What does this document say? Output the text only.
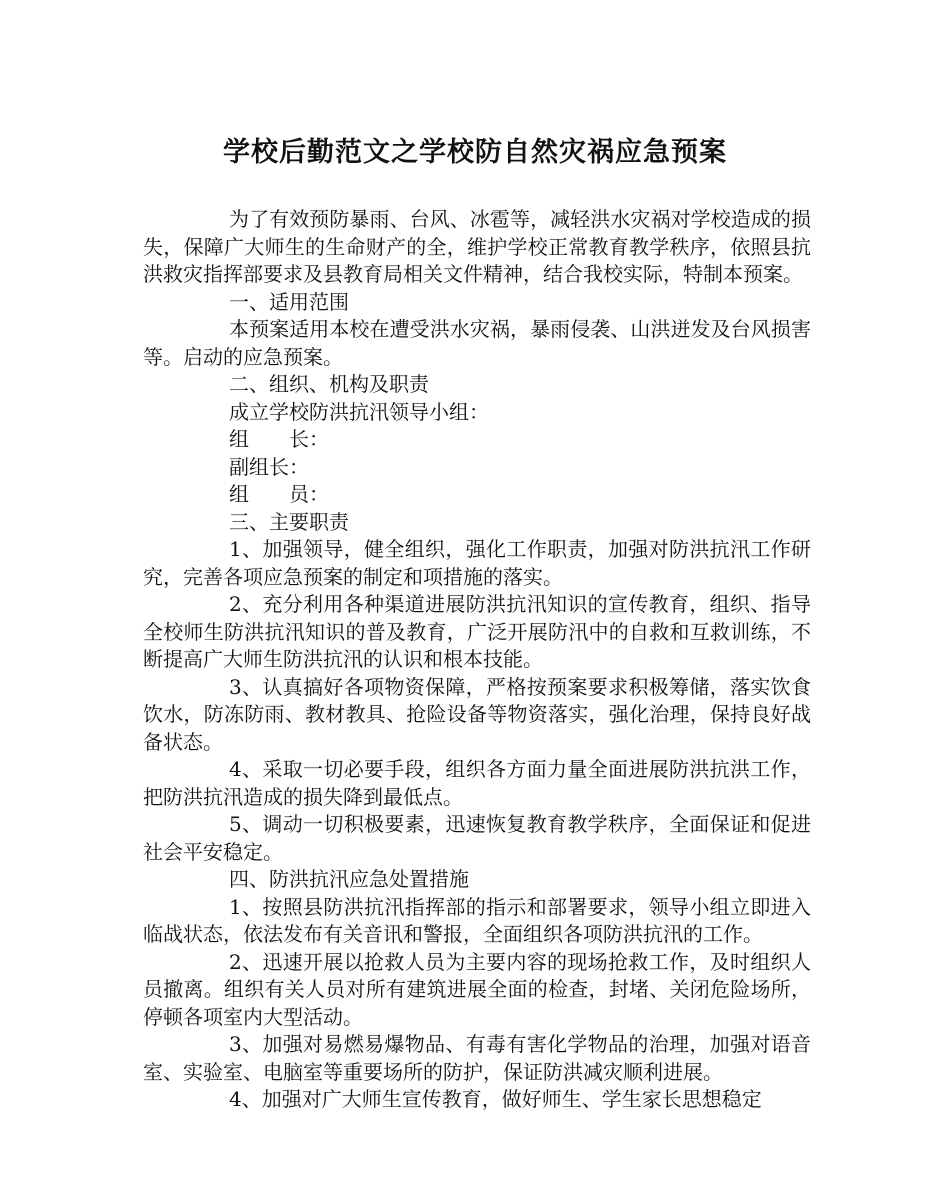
学校后勤范文之学校防自然灾祸应急预案

为了有效预防暴雨、台风、冰雹等，减轻洪水灾祸对学校造成的损失，保障广大师生的生命财产的全，维护学校正常教育教学秩序，依照县抗洪救灾指挥部要求及县教育局相关文件精神，结合我校实际，特制本预案。

一、适用范围

本预案适用本校在遭受洪水灾祸，暴雨侵袭、山洪迸发及台风损害等。启动的应急预案。

二、组织、机构及职责

成立学校防洪抗汛领导小组：

组　　长：

副组长：

组　　员：

三、主要职责

1、加强领导，健全组织，强化工作职责，加强对防洪抗汛工作研究，完善各项应急预案的制定和项措施的落实。

2、充分利用各种渠道进展防洪抗汛知识的宣传教育，组织、指导全校师生防洪抗汛知识的普及教育，广泛开展防汛中的自救和互救训练，不断提高广大师生防洪抗汛的认识和根本技能。

3、认真搞好各项物资保障，严格按预案要求积极筹储，落实饮食饮水，防冻防雨、教材教具、抢险设备等物资落实，强化治理，保持良好战备状态。

4、采取一切必要手段，组织各方面力量全面进展防洪抗洪工作，把防洪抗汛造成的损失降到最低点。

5、调动一切积极要素，迅速恢复教育教学秩序，全面保证和促进社会平安稳定。

四、防洪抗汛应急处置措施

1、按照县防洪抗汛指挥部的指示和部署要求，领导小组立即进入临战状态，依法发布有关音讯和警报，全面组织各项防洪抗汛的工作。

2、迅速开展以抢救人员为主要内容的现场抢救工作，及时组织人员撤离。组织有关人员对所有建筑进展全面的检查，封堵、关闭危险场所，停顿各项室内大型活动。

3、加强对易燃易爆物品、有毒有害化学物品的治理，加强对语音室、实验室、电脑室等重要场所的防护，保证防洪减灾顺利进展。

4、加强对广大师生宣传教育，做好师生、学生家长思想稳定
